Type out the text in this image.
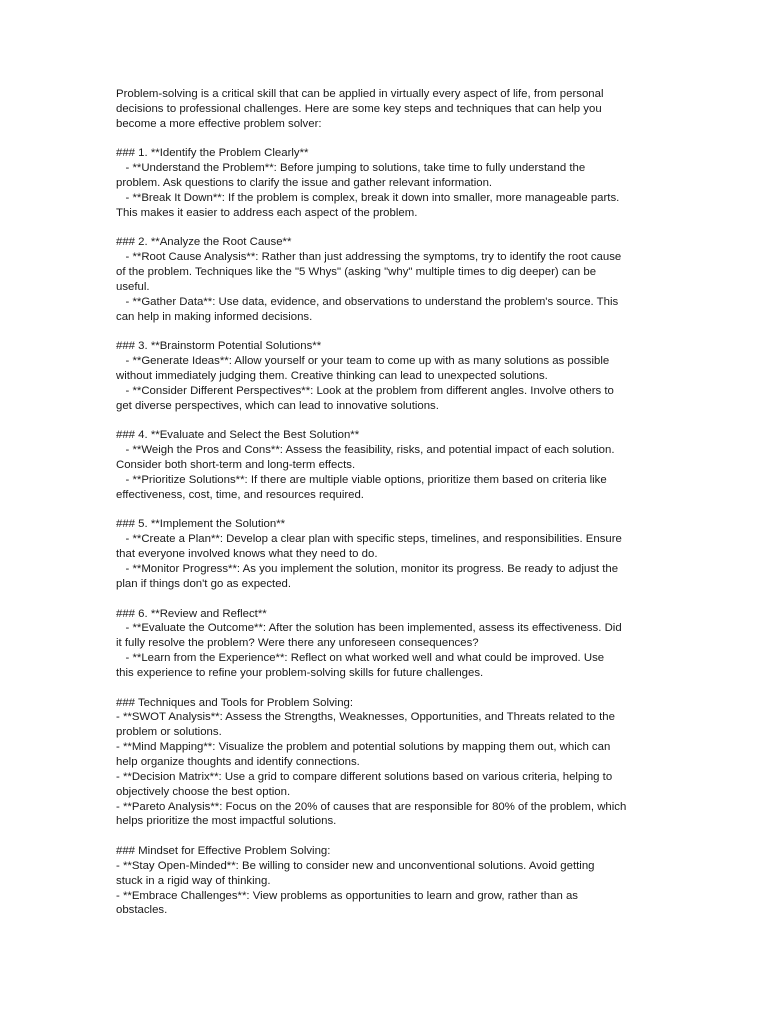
Problem-solving is a critical skill that can be applied in virtually every aspect of life, from personal
decisions to professional challenges. Here are some key steps and techniques that can help you
become a more effective problem solver:
### 1. **Identify the Problem Clearly**
- **Understand the Problem**: Before jumping to solutions, take time to fully understand the
problem. Ask questions to clarify the issue and gather relevant information.
- **Break It Down**: If the problem is complex, break it down into smaller, more manageable parts.
This makes it easier to address each aspect of the problem.
### 2. **Analyze the Root Cause**
- **Root Cause Analysis**: Rather than just addressing the symptoms, try to identify the root cause
of the problem. Techniques like the "5 Whys" (asking "why" multiple times to dig deeper) can be
useful.
- **Gather Data**: Use data, evidence, and observations to understand the problem's source. This
can help in making informed decisions.
### 3. **Brainstorm Potential Solutions**
- **Generate Ideas**: Allow yourself or your team to come up with as many solutions as possible
without immediately judging them. Creative thinking can lead to unexpected solutions.
- **Consider Different Perspectives**: Look at the problem from different angles. Involve others to
get diverse perspectives, which can lead to innovative solutions.
### 4. **Evaluate and Select the Best Solution**
- **Weigh the Pros and Cons**: Assess the feasibility, risks, and potential impact of each solution.
Consider both short-term and long-term effects.
- **Prioritize Solutions**: If there are multiple viable options, prioritize them based on criteria like
effectiveness, cost, time, and resources required.
### 5. **Implement the Solution**
- **Create a Plan**: Develop a clear plan with specific steps, timelines, and responsibilities. Ensure
that everyone involved knows what they need to do.
- **Monitor Progress**: As you implement the solution, monitor its progress. Be ready to adjust the
plan if things don't go as expected.
### 6. **Review and Reflect**
- **Evaluate the Outcome**: After the solution has been implemented, assess its effectiveness. Did
it fully resolve the problem? Were there any unforeseen consequences?
- **Learn from the Experience**: Reflect on what worked well and what could be improved. Use
this experience to refine your problem-solving skills for future challenges.
### Techniques and Tools for Problem Solving:
- **SWOT Analysis**: Assess the Strengths, Weaknesses, Opportunities, and Threats related to the
problem or solutions.
- **Mind Mapping**: Visualize the problem and potential solutions by mapping them out, which can
help organize thoughts and identify connections.
- **Decision Matrix**: Use a grid to compare different solutions based on various criteria, helping to
objectively choose the best option.
- **Pareto Analysis**: Focus on the 20% of causes that are responsible for 80% of the problem, which
helps prioritize the most impactful solutions.
### Mindset for Effective Problem Solving:
- **Stay Open-Minded**: Be willing to consider new and unconventional solutions. Avoid getting
stuck in a rigid way of thinking.
- **Embrace Challenges**: View problems as opportunities to learn and grow, rather than as
obstacles.
